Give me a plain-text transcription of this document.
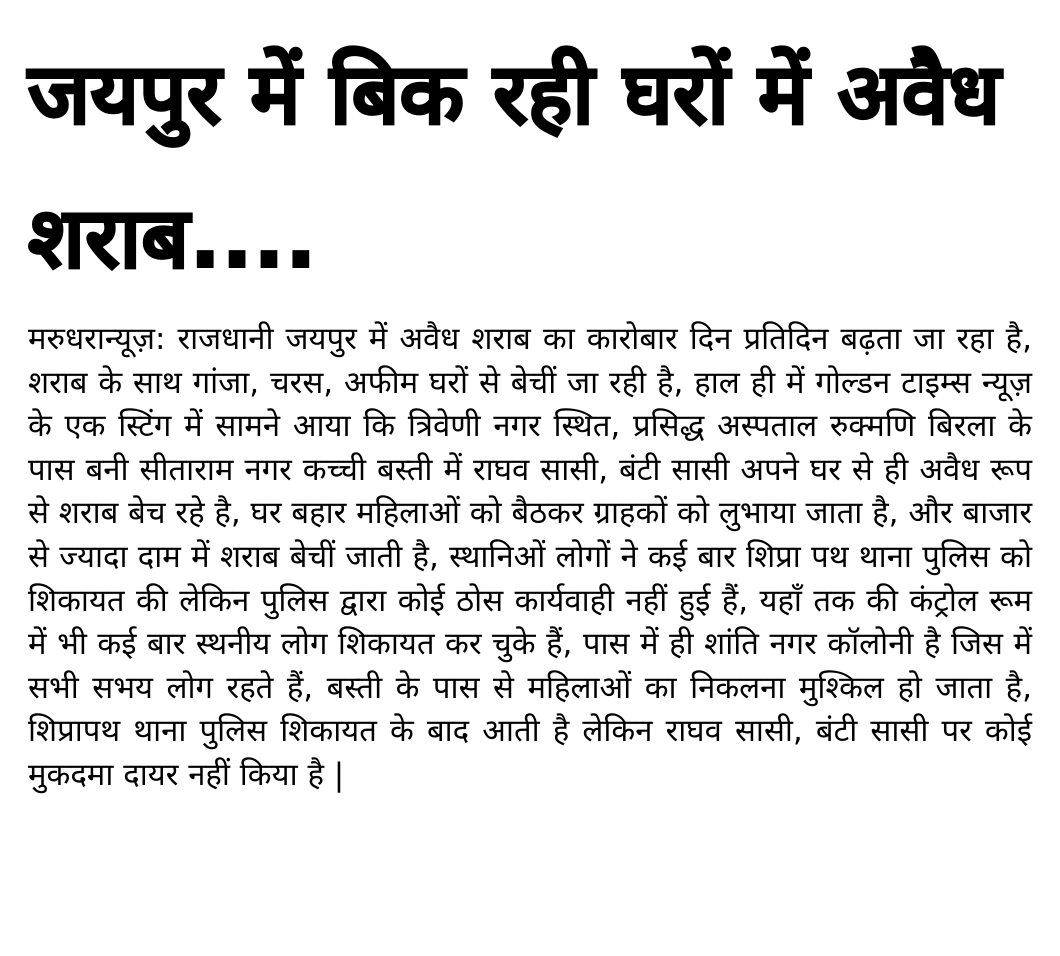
जयपुर में बिक रही घरों में अवैध शराब....

मरुधरान्यूज़: राजधानी जयपुर में अवैध शराब का कारोबार दिन प्रतिदिन बढ़ता जा रहा है, शराब के साथ गांजा, चरस, अफीम घरों से बेचीं जा रही है, हाल ही में गोल्डन टाइम्स न्यूज़ के एक स्टिंग में सामने आया कि त्रिवेणी नगर स्थित, प्रसिद्ध अस्पताल रुक्मणि बिरला के पास बनी सीताराम नगर कच्ची बस्ती में राघव सासी, बंटी सासी अपने घर से ही अवैध रूप से शराब बेच रहे है, घर बहार महिलाओं को बैठकर ग्राहकों को लुभाया जाता है, और बाजार से ज्यादा दाम में शराब बेचीं जाती है, स्थानिओं लोगों ने कई बार शिप्रा पथ थाना पुलिस को शिकायत की लेकिन पुलिस द्वारा कोई ठोस कार्यवाही नहीं हुई हैं, यहाँ तक की कंट्रोल रूम में भी कई बार स्थनीय लोग शिकायत कर चुके हैं, पास में ही शांति नगर कॉलोनी है जिस में सभी सभय लोग रहते हैं, बस्ती के पास से महिलाओं का निकलना मुश्किल हो जाता है, शिप्रापथ थाना पुलिस शिकायत के बाद आती है लेकिन राघव सासी, बंटी सासी पर कोई मुकदमा दायर नहीं किया है |
